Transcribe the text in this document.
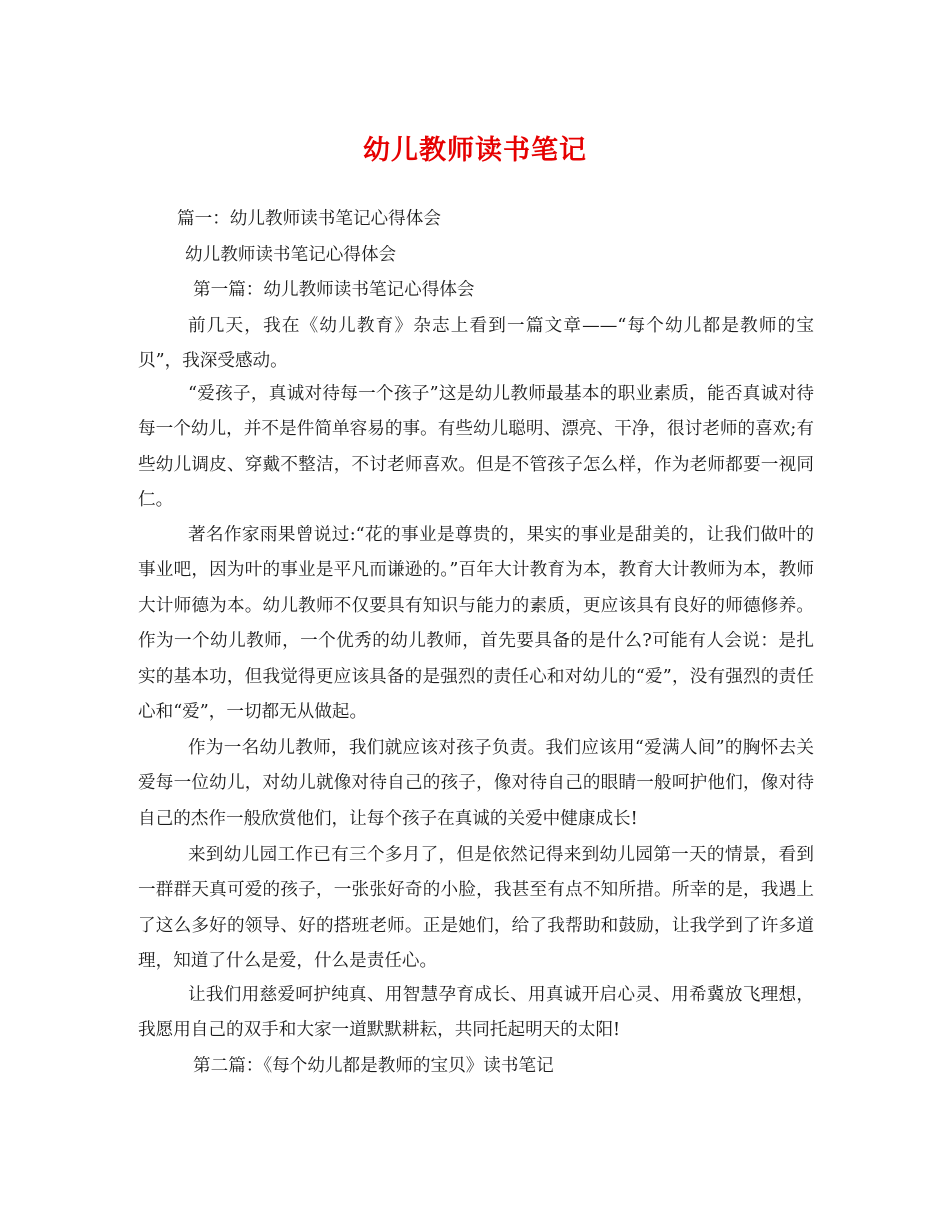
幼儿教师读书笔记
篇一：幼儿教师读书笔记心得体会
幼儿教师读书笔记心得体会
第一篇：幼儿教师读书笔记心得体会
前几天，我在《幼儿教育》杂志上看到一篇文章——“每个幼儿都是教师的宝贝”，我深受感动。
“爱孩子，真诚对待每一个孩子”这是幼儿教师最基本的职业素质，能否真诚对待每一个幼儿，并不是件简单容易的事。有些幼儿聪明、漂亮、干净，很讨老师的喜欢;有些幼儿调皮、穿戴不整洁，不讨老师喜欢。但是不管孩子怎么样，作为老师都要一视同仁。
著名作家雨果曾说过:“花的事业是尊贵的，果实的事业是甜美的，让我们做叶的事业吧，因为叶的事业是平凡而谦逊的。”百年大计教育为本，教育大计教师为本，教师大计师德为本。幼儿教师不仅要具有知识与能力的素质，更应该具有良好的师德修养。作为一个幼儿教师，一个优秀的幼儿教师，首先要具备的是什么?可能有人会说：是扎实的基本功，但我觉得更应该具备的是强烈的责任心和对幼儿的“爱”，没有强烈的责任心和“爱”，一切都无从做起。
作为一名幼儿教师，我们就应该对孩子负责。我们应该用“爱满人间”的胸怀去关爱每一位幼儿，对幼儿就像对待自己的孩子，像对待自己的眼睛一般呵护他们，像对待自己的杰作一般欣赏他们，让每个孩子在真诚的关爱中健康成长!
来到幼儿园工作已有三个多月了，但是依然记得来到幼儿园第一天的情景，看到一群群天真可爱的孩子，一张张好奇的小脸，我甚至有点不知所措。所幸的是，我遇上了这么多好的领导、好的搭班老师。正是她们，给了我帮助和鼓励，让我学到了许多道理，知道了什么是爱，什么是责任心。
让我们用慈爱呵护纯真、用智慧孕育成长、用真诚开启心灵、用希冀放飞理想，我愿用自己的双手和大家一道默默耕耘，共同托起明天的太阳!
第二篇：《每个幼儿都是教师的宝贝》读书笔记
